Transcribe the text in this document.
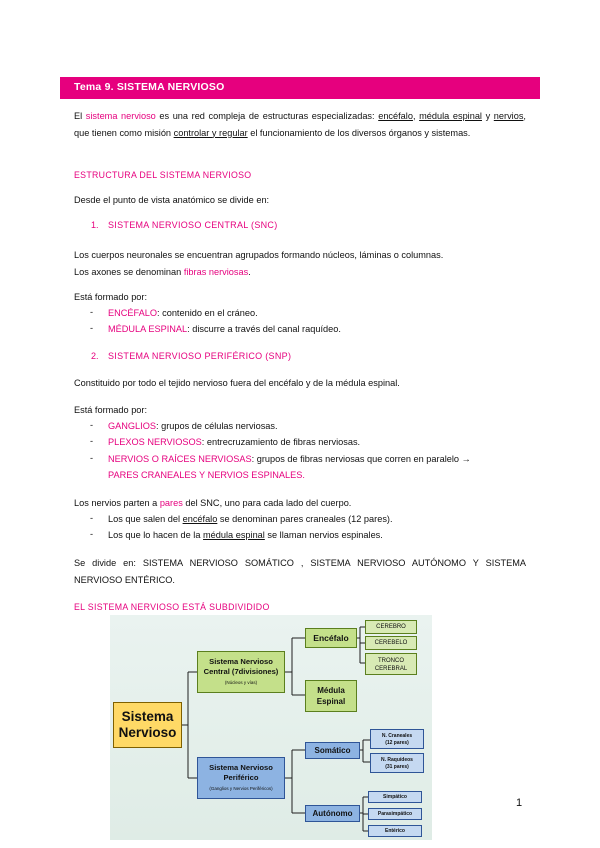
Tema 9. SISTEMA NERVIOSO
El sistema nervioso es una red compleja de estructuras especializadas: encéfalo, médula espinal y nervios, que tienen como misión controlar y regular el funcionamiento de los diversos órganos y sistemas.
ESTRUCTURA DEL SISTEMA NERVIOSO
Desde el punto de vista anatómico se divide en:
1. SISTEMA NERVIOSO CENTRAL (SNC)
Los cuerpos neuronales se encuentran agrupados formando núcleos, láminas o columnas.
Los axones se denominan fibras nerviosas.
Está formado por:
- ENCÉFALO: contenido en el cráneo.
- MÉDULA ESPINAL: discurre a través del canal raquídeo.
2. SISTEMA NERVIOSO PERIFÉRICO (SNP)
Constituido por todo el tejido nervioso fuera del encéfalo y de la médula espinal.
Está formado por:
- GANGLIOS: grupos de células nerviosas.
- PLEXOS NERVIOSOS: entrecruzamiento de fibras nerviosas.
- NERVIOS O RAÍCES NERVIOSAS: grupos de fibras nerviosas que corren en paralelo →
PARES CRANEALES Y NERVIOS ESPINALES.
Los nervios parten a pares del SNC, uno para cada lado del cuerpo.
- Los que salen del encéfalo se denominan pares craneales (12 pares).
- Los que lo hacen de la médula espinal se llaman nervios espinales.
Se divide en: SISTEMA NERVIOSO SOMÁTICO , SISTEMA NERVIOSO AUTÓNOMO Y SISTEMA NERVIOSO ENTÉRICO.
EL SISTEMA NERVIOSO ESTÁ SUBDIVIDIDO
Sistema
Nervioso
Sistema Nervioso
Central (7divisiones)
(Núcleos y vías)
Sistema Nervioso
Periférico
(Ganglios y Nervios Periféricos)
Encéfalo
Médula
Espinal
Somático
Autónomo
CEREBRO
CEREBELO
TRONCO
CEREBRAL
N. Craneales
(12 pares)
N. Raquídeos
(31 pares)
Simpático
Parasimpático
Entérico
1
